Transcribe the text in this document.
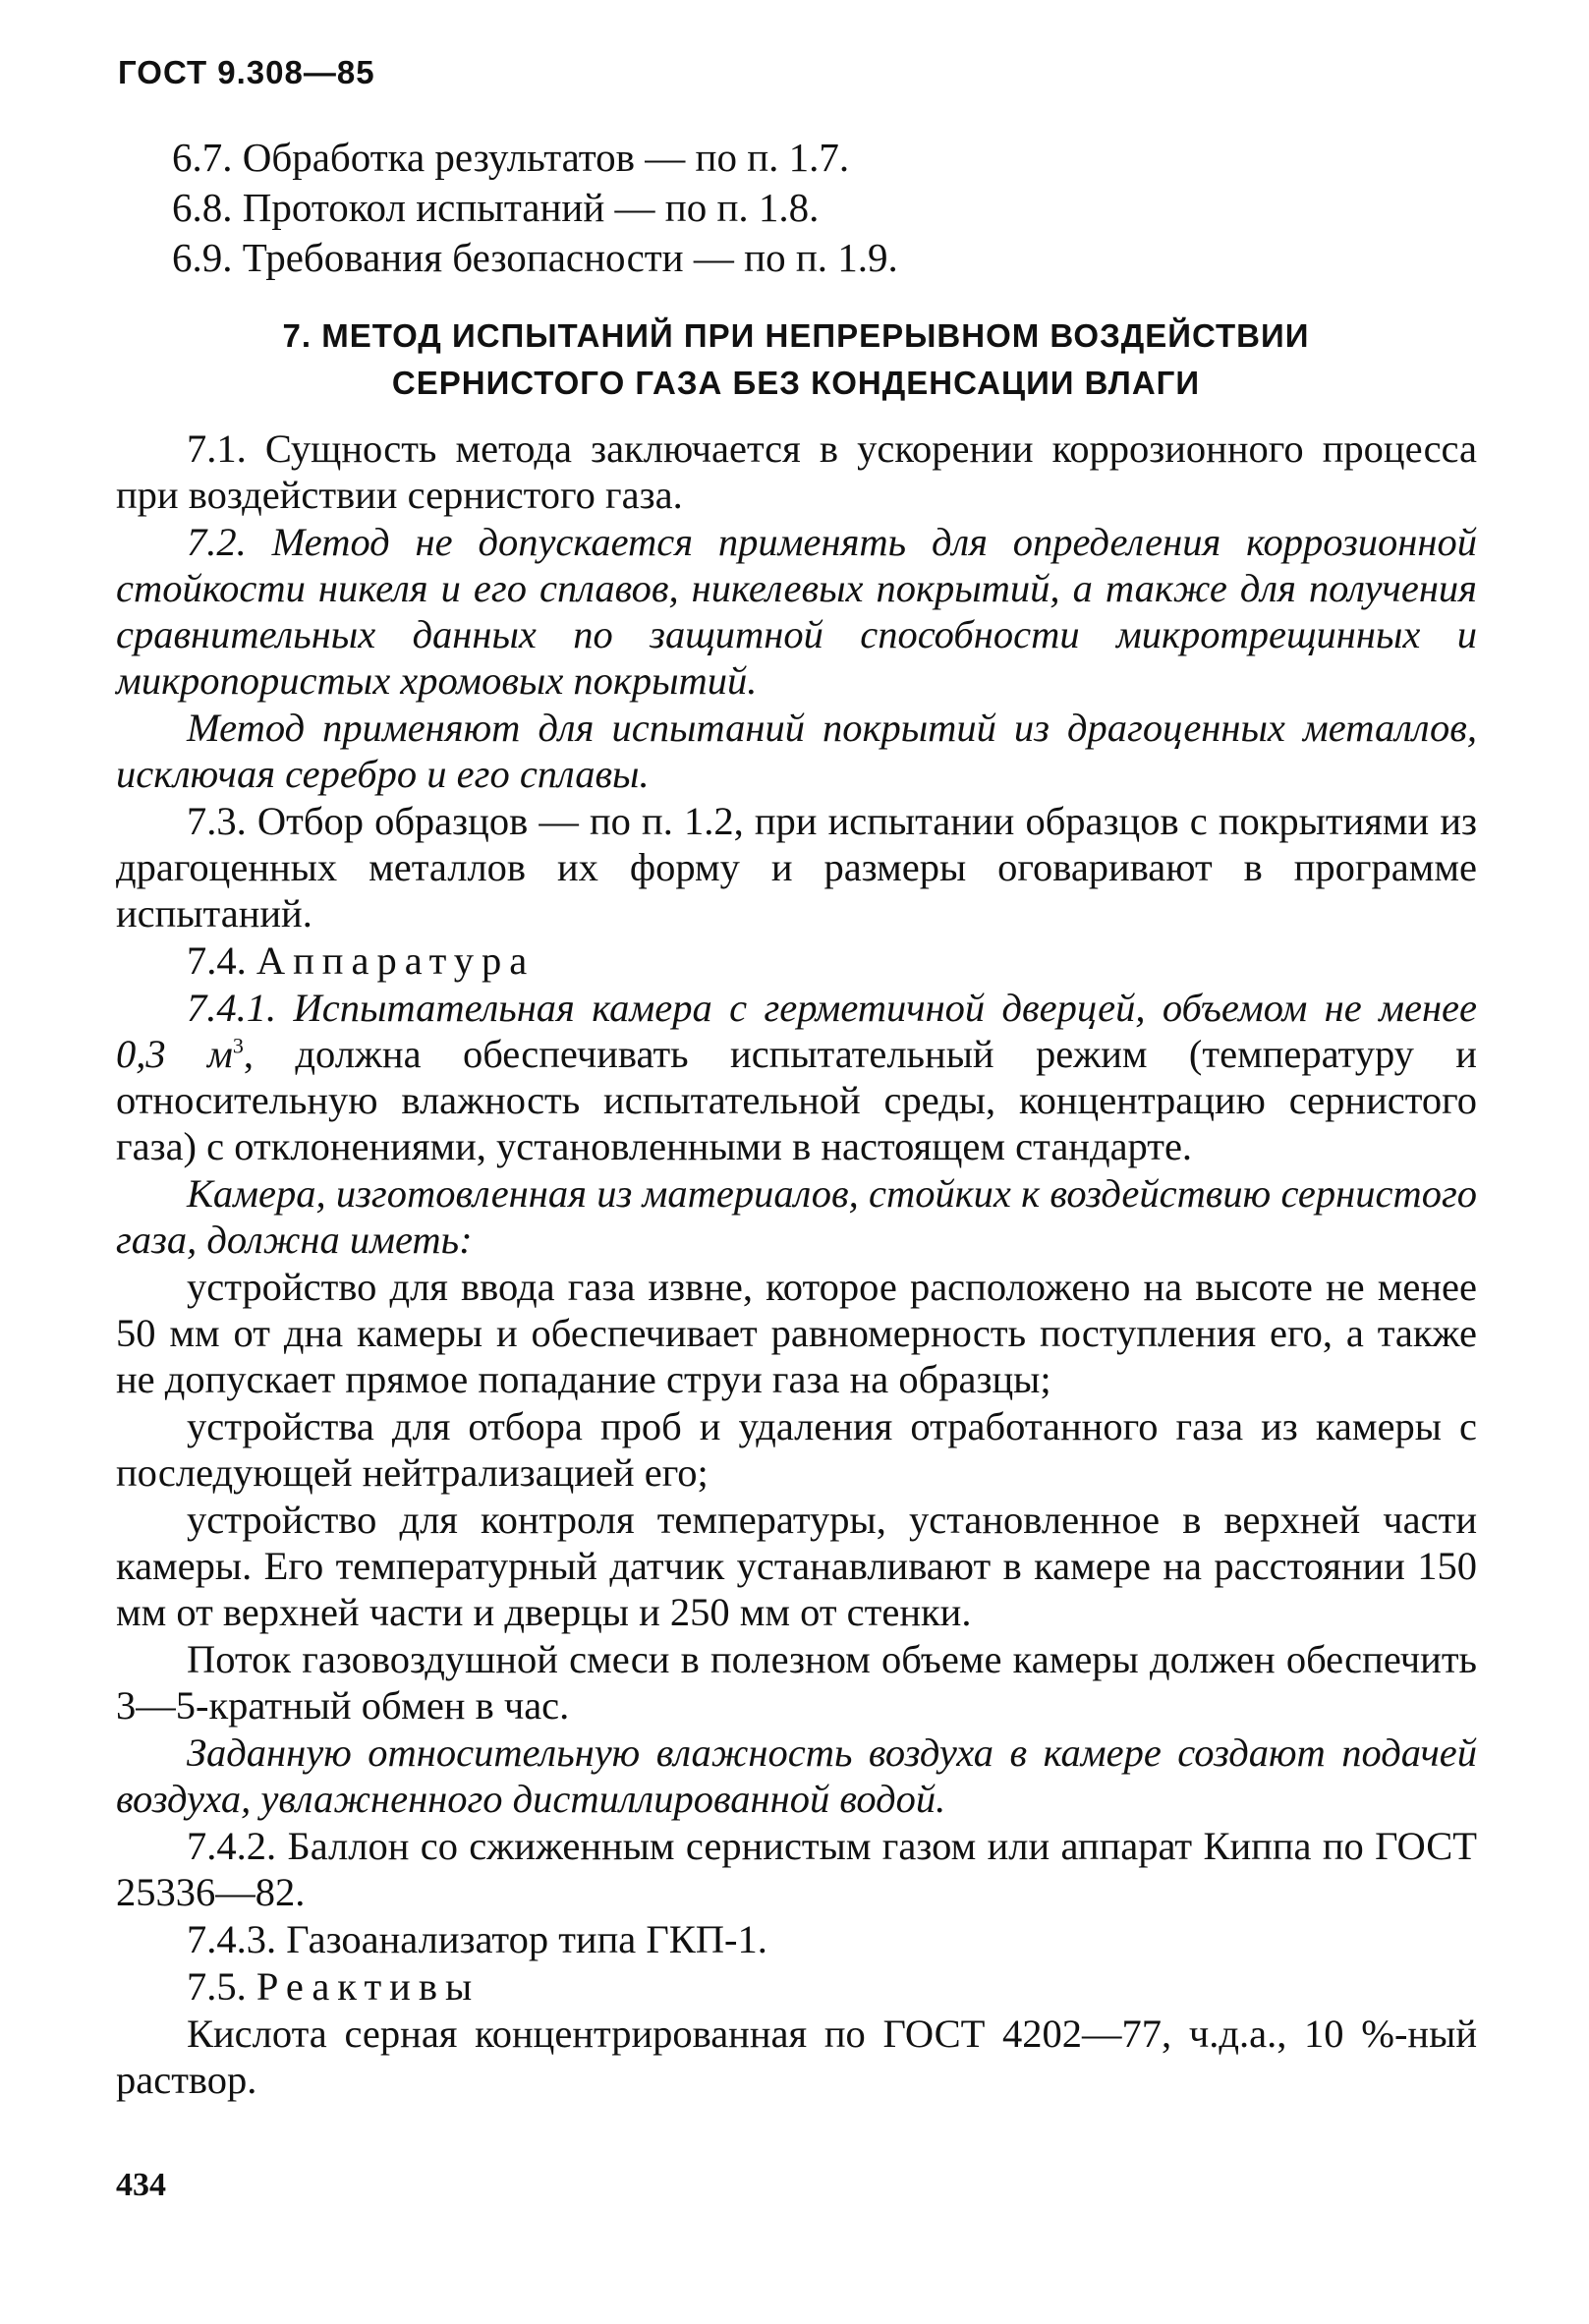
ГОСТ 9.308—85
6.7. Обработка результатов — по п. 1.7.
6.8. Протокол испытаний — по п. 1.8.
6.9. Требования безопасности — по п. 1.9.
7. МЕТОД ИСПЫТАНИЙ ПРИ НЕПРЕРЫВНОМ ВОЗДЕЙСТВИИ
СЕРНИСТОГО ГАЗА БЕЗ КОНДЕНСАЦИИ ВЛАГИ

7.1. Сущность метода заключается в ускорении коррозионного процесса при воздействии сернистого газа.

7.2. Метод не допускается применять для определения коррозионной стойкости никеля и его сплавов, никелевых покрытий, а также для получения сравнительных данных по защитной способности микротрещинных и микропористых хромовых покрытий.

Метод применяют для испытаний покрытий из драгоценных металлов, исключая серебро и его сплавы.

7.3. Отбор образцов — по п. 1.2, при испытании образцов с покрытиями из драгоценных металлов их форму и размеры оговаривают в программе испытаний.

7.4. Аппаратура

7.4.1. Испытательная камера с герметичной дверцей, объемом не менее 0,3 $м^3$, должна обеспечивать испытательный режим (температуру и относительную влажность испытательной среды, концентрацию сернистого газа) с отклонениями, установленными в настоящем стандарте.

Камера, изготовленная из материалов, стойких к воздействию сернистого газа, должна иметь:

устройство для ввода газа извне, которое расположено на высоте не менее 50 мм от дна камеры и обеспечивает равномерность поступления его, а также не допускает прямое попадание струи газа на образцы;

устройства для отбора проб и удаления отработанного газа из камеры с последующей нейтрализацией его;

устройство для контроля температуры, установленное в верхней части камеры. Его температурный датчик устанавливают в камере на расстоянии 150 мм от верхней части и дверцы и 250 мм от стенки.

Поток газовоздушной смеси в полезном объеме камеры должен обеспечить 3—5-кратный обмен в час.

Заданную относительную влажность воздуха в камере создают подачей воздуха, увлажненного дистиллированной водой.

7.4.2. Баллон со сжиженным сернистым газом или аппарат Киппа по ГОСТ 25336—82.

7.4.3. Газоанализатор типа ГКП-1.

7.5. Реактивы

Кислота серная концентрированная по ГОСТ 4202—77, ч.д.а., 10 %-ный раствор.

434
